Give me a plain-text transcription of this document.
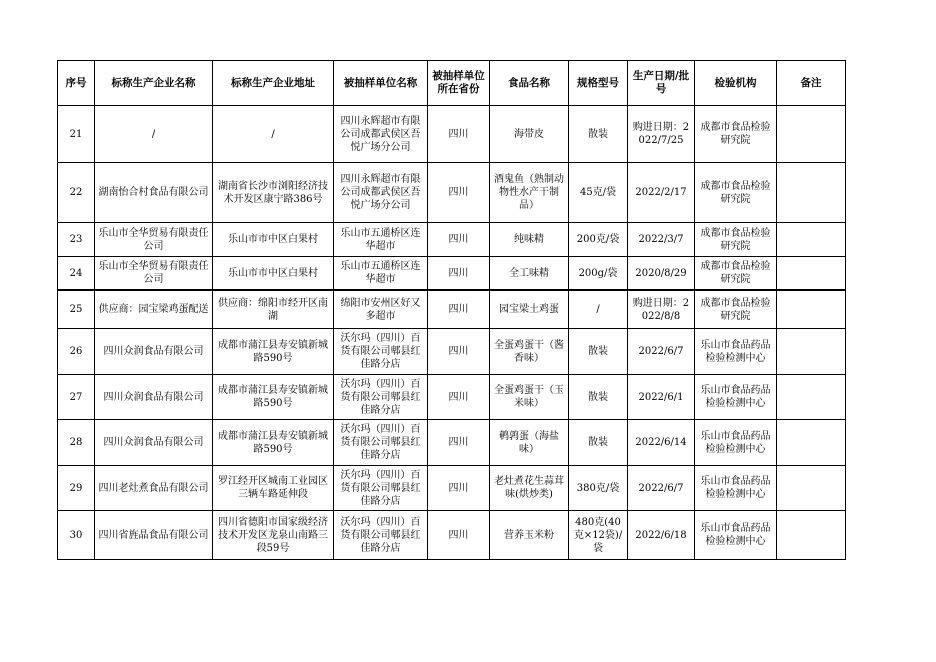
序号	标称生产企业名称	标称生产企业地址	被抽样单位名称	被抽样单位所在省份	食品名称	规格型号	生产日期/批号	检验机构	备注
21	/	/	四川永辉超市有限公司成都武侯区吾悦广场分公司	四川	海带皮	散装	购进日期：2022/7/25	成都市食品检验研究院	
22	湖南怡合村食品有限公司	湖南省长沙市浏阳经济技术开发区康宁路386号	四川永辉超市有限公司成都武侯区吾悦广场分公司	四川	酒鬼鱼（熟制动物性水产干制品）	45克/袋	2022/2/17	成都市食品检验研究院	
23	乐山市全华贸易有限责任公司	乐山市市中区白果村	乐山市五通桥区连华超市	四川	纯味精	200克/袋	2022/3/7	成都市食品检验研究院	
24	乐山市全华贸易有限责任公司	乐山市市中区白果村	乐山市五通桥区连华超市	四川	全工味精	200g/袋	2020/8/29	成都市食品检验研究院	
25	供应商：园宝梁鸡蛋配送	供应商：绵阳市经开区南湖	绵阳市安州区好又多超市	四川	园宝梁土鸡蛋	/	购进日期：2022/8/8	成都市食品检验研究院	
26	四川众润食品有限公司	成都市蒲江县寿安镇新城路590号	沃尔玛（四川）百货有限公司郫县红佳路分店	四川	全蛋鸡蛋干（酱香味）	散装	2022/6/7	乐山市食品药品检验检测中心	
27	四川众润食品有限公司	成都市蒲江县寿安镇新城路590号	沃尔玛（四川）百货有限公司郫县红佳路分店	四川	全蛋鸡蛋干（玉米味）	散装	2022/6/1	乐山市食品药品检验检测中心	
28	四川众润食品有限公司	成都市蒲江县寿安镇新城路590号	沃尔玛（四川）百货有限公司郫县红佳路分店	四川	鹌鹑蛋（海盐味）	散装	2022/6/14	乐山市食品药品检验检测中心	
29	四川老灶煮食品有限公司	罗江经开区城南工业园区三辆车路延伸段	沃尔玛（四川）百货有限公司郫县红佳路分店	四川	老灶煮花生蒜茸味(烘炒类)	380克/袋	2022/6/7	乐山市食品药品检验检测中心	
30	四川省旌晶食品有限公司	四川省德阳市国家级经济技术开发区龙泉山南路三段59号	沃尔玛（四川）百货有限公司郫县红佳路分店	四川	营养玉米粉	480克(40克×12袋)/袋	2022/6/18	乐山市食品药品检验检测中心	
